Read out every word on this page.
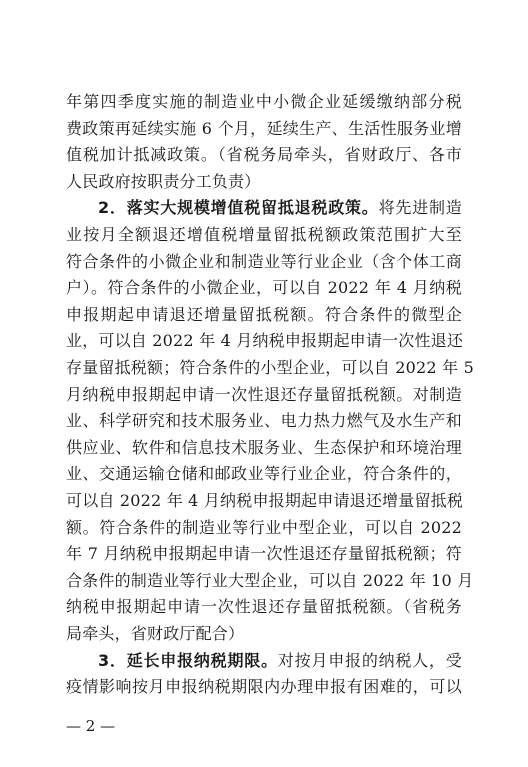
年第四季度实施的制造业中小微企业延缓缴纳部分税
费政策再延续实施 6 个月，延续生产、生活性服务业增
值税加计抵减政策。（省税务局牵头，省财政厅、各市
人民政府按职责分工负责）
2．落实大规模增值税留抵退税政策。将先进制造
业按月全额退还增值税增量留抵税额政策范围扩大至
符合条件的小微企业和制造业等行业企业（含个体工商
户）。符合条件的小微企业，可以自 2022 年 4 月纳税
申报期起申请退还增量留抵税额。符合条件的微型企
业，可以自 2022 年 4 月纳税申报期起申请一次性退还
存量留抵税额；符合条件的小型企业，可以自 2022 年 5
月纳税申报期起申请一次性退还存量留抵税额。对制造
业、科学研究和技术服务业、电力热力燃气及水生产和
供应业、软件和信息技术服务业、生态保护和环境治理
业、交通运输仓储和邮政业等行业企业，符合条件的，
可以自 2022 年 4 月纳税申报期起申请退还增量留抵税
额。符合条件的制造业等行业中型企业，可以自 2022
年 7 月纳税申报期起申请一次性退还存量留抵税额；符
合条件的制造业等行业大型企业，可以自 2022 年 10 月
纳税申报期起申请一次性退还存量留抵税额。（省税务
局牵头，省财政厅配合）
3．延长申报纳税期限。对按月申报的纳税人，受
疫情影响按月申报纳税期限内办理申报有困难的，可以
— 2 —
